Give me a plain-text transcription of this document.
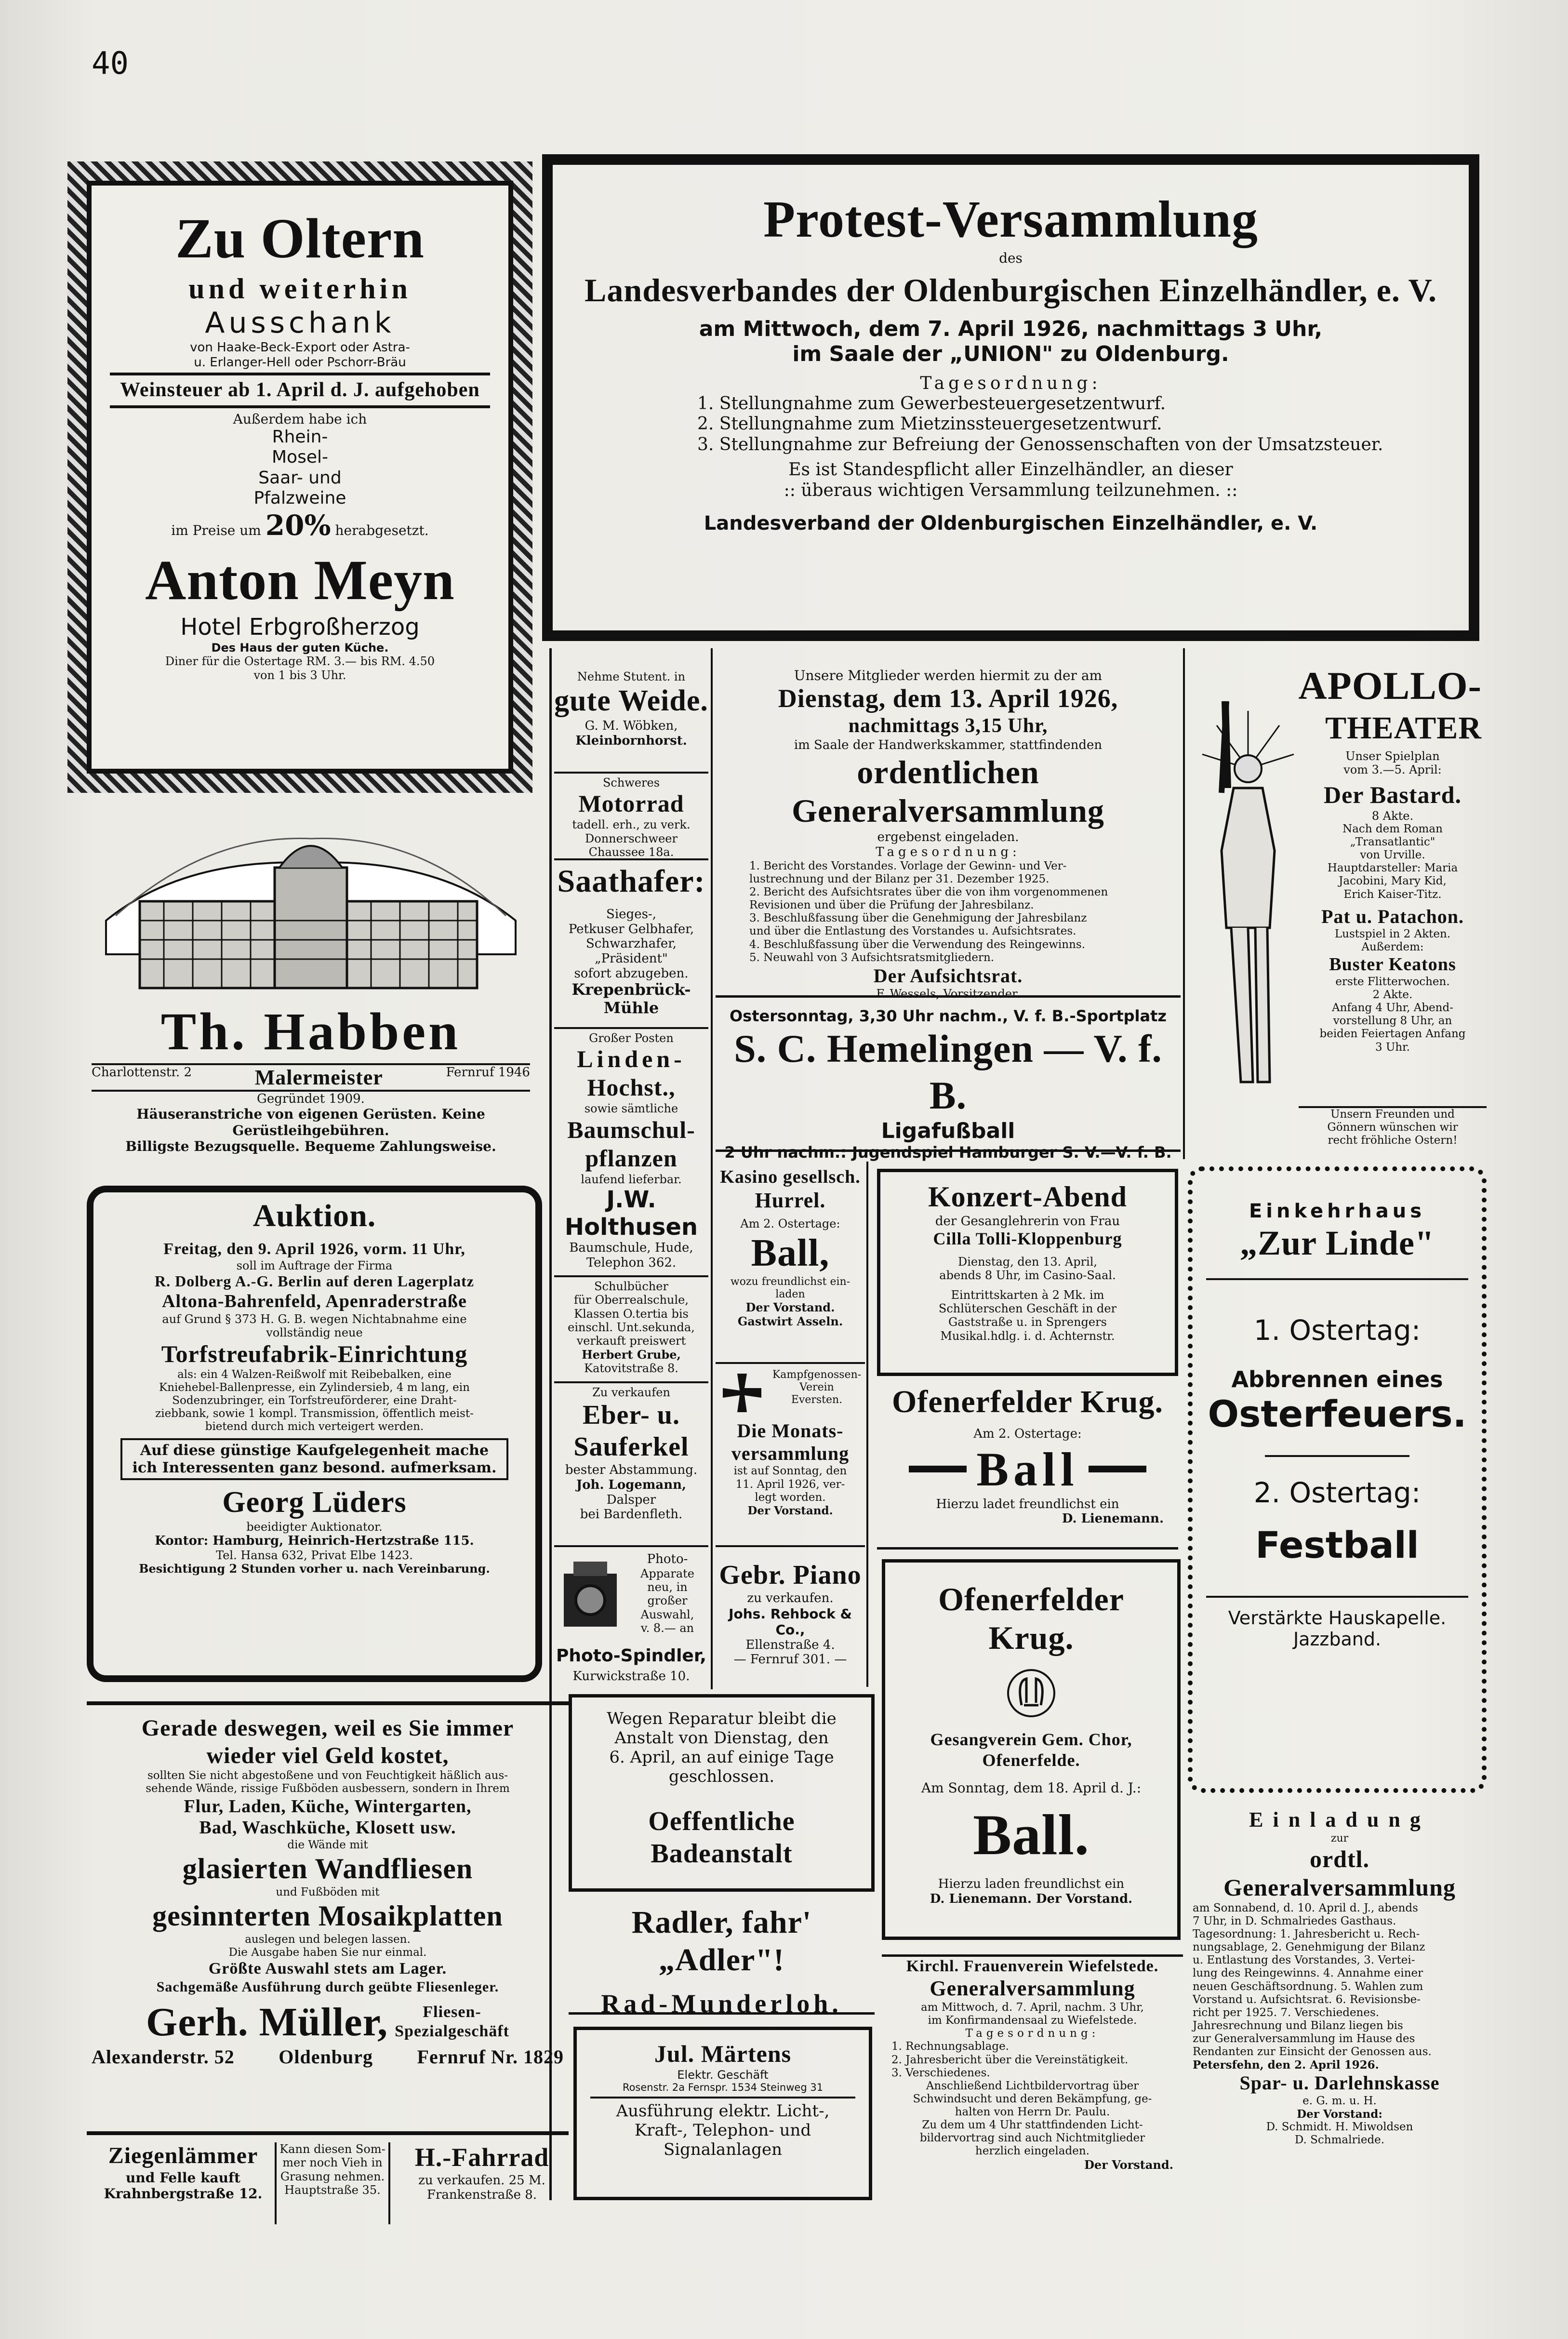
40
Zu Oltern
und weiterhin
Ausschank
von Haake-Beck-Export oder Astra-
u. Erlanger-Hell oder Pschorr-Bräu
Weinsteuer ab 1. April d. J. aufgehoben
Außerdem habe ich
Rhein-
Mosel-
Saar- und
Pfalzweine
im Preise um 20% herabgesetzt.
Anton Meyn
Hotel Erbgroßherzog
Des Haus der guten Küche.
Diner für die Ostertage RM. 3.— bis RM. 4.50
von 1 bis 3 Uhr.
Protest-Versammlung
des
Landesverbandes der Oldenburgischen Einzelhändler, e. V.
am Mittwoch, dem 7. April 1926, nachmittags 3 Uhr,
im Saale der „UNION" zu Oldenburg.
Tagesordnung:
1. Stellungnahme zum Gewerbesteuergesetzentwurf.
2. Stellungnahme zum Mietzinssteuergesetzentwurf.
3. Stellungnahme zur Befreiung der Genossenschaften von der Umsatzsteuer.
Es ist Standespflicht aller Einzelhändler, an dieser
:: überaus wichtigen Versammlung teilzunehmen. ::
Landesverband der Oldenburgischen Einzelhändler, e. V.
Th. Habben
Charlottenstr. 2	Malermeister	Fernruf 1946
Gegründet 1909.
Häuseranstriche von eigenen Gerüsten. Keine Gerüstleihgebühren.
Billigste Bezugsquelle. Bequeme Zahlungsweise.
Nehme Stutent. in
gute Weide.
G. M. Wöbken,
Kleinbornhorst.
Schweres
Motorrad
tadell. erh., zu verk.
Donnerschweer
Chaussee 18a.
Saathafer:
Sieges-,
Petkuser Gelbhafer,
Schwarzhafer,
„Präsident"
sofort abzugeben.
Krepenbrück-Mühle
Großer Posten
Linden-
Hochst.,
sowie sämtliche
Baumschul-
pflanzen
laufend lieferbar.
J.W. Holthusen
Baumschule, Hude,
Telephon 362.
Schulbücher
für Oberrealschule,
Klassen O.tertia bis
einschl. Unt.sekunda,
verkauft preiswert
Herbert Grube,
Katovitstraße 8.
Zu verkaufen
Eber- u. Sauferkel
bester Abstammung.
Joh. Logemann,
Dalsper
bei Bardenfleth.
Photo-
Apparate
neu, in
großer
Auswahl,
v. 8.— an
Photo-Spindler,
Kurwickstraße 10.
Unsere Mitglieder werden hiermit zu der am
Dienstag, dem 13. April 1926,
nachmittags 3,15 Uhr,
im Saale der Handwerkskammer, stattfindenden
ordentlichen Generalversammlung
ergebenst eingeladen.
Tagesordnung:
1. Bericht des Vorstandes. Vorlage der Gewinn- und Ver-
lustrechnung und der Bilanz per 31. Dezember 1925.
2. Bericht des Aufsichtsrates über die von ihm vorgenommenen
Revisionen und über die Prüfung der Jahresbilanz.
3. Beschlußfassung über die Genehmigung der Jahresbilanz
und über die Entlastung des Vorstandes u. Aufsichtsrates.
4. Beschlußfassung über die Verwendung des Reingewinns.
5. Neuwahl von 3 Aufsichtsratsmitgliedern.
Der Aufsichtsrat.
F. Wessels, Vorsitzender.
Ostersonntag, 3,30 Uhr nachm., V. f. B.-Sportplatz
S. C. Hemelingen — V. f. B.
Ligafußball
2 Uhr nachm.: Jugendspiel Hamburger S. V.—V. f. B.
APOLLO-
THEATER
Unser Spielplan
vom 3.—5. April:
Der Bastard.
8 Akte.
Nach dem Roman
„Transatlantic"
von Urville.
Hauptdarsteller: Maria
Jacobini, Mary Kid,
Erich Kaiser-Titz.
Pat u. Patachon.
Lustspiel in 2 Akten.
Außerdem:
Buster Keatons
erste Flitterwochen.
2 Akte.
Anfang 4 Uhr, Abend-
vorstellung 8 Uhr, an
beiden Feiertagen Anfang
3 Uhr.
Unsern Freunden und
Gönnern wünschen wir
recht fröhliche Ostern!
Auktion.
Freitag, den 9. April 1926, vorm. 11 Uhr,
soll im Auftrage der Firma
R. Dolberg A.-G. Berlin auf deren Lagerplatz
Altona-Bahrenfeld, Apenraderstraße
auf Grund § 373 H. G. B. wegen Nichtabnahme eine
vollständig neue
Torfstreufabrik-Einrichtung
als: ein 4 Walzen-Reißwolf mit Reibebalken, eine
Kniehebel-Ballenpresse, ein Zylindersieb, 4 m lang, ein
Sodenzubringer, ein Torfstreuförderer, eine Draht-
ziebbank, sowie 1 kompl. Transmission, öffentlich meist-
bietend durch mich verteigert werden.
Auf diese günstige Kaufgelegenheit mache
ich Interessenten ganz besond. aufmerksam.
Georg Lüders
beeidigter Auktionator.
Kontor: Hamburg, Heinrich-Hertzstraße 115.
Tel. Hansa 632, Privat Elbe 1423.
Besichtigung 2 Stunden vorher u. nach Vereinbarung.
Kasino gesellsch.
Hurrel.
Am 2. Ostertage:
Ball,
wozu freundlichst ein-
laden
Der Vorstand.
Gastwirt Asseln.
Kampfgenossen-
Verein
Eversten.
Die Monats-
versammlung
ist auf Sonntag, den
11. April 1926, ver-
legt worden.
Der Vorstand.
Gebr. Piano
zu verkaufen.
Johs. Rehbock & Co.,
Ellenstraße 4.
— Fernruf 301. —
Konzert-Abend
der Gesanglehrerin von Frau
Cilla Tolli-Kloppenburg
Dienstag, den 13. April,
abends 8 Uhr, im Casino-Saal.
Eintrittskarten à 2 Mk. im
Schlüterschen Geschäft in der
Gaststraße u. in Sprengers
Musikal.hdlg. i. d. Achternstr.
Ofenerfelder Krug.
Am 2. Ostertage:
Ball
Hierzu ladet freundlichst ein
D. Lienemann.
Ofenerfelder Krug.
Gesangverein Gem. Chor,
Ofenerfelde.
Am Sonntag, dem 18. April d. J.:
Ball.
Hierzu laden freundlichst ein
D. Lienemann. Der Vorstand.
Einkehrhaus
„Zur Linde"
1. Ostertag:
Abbrennen eines
Osterfeuers.
2. Ostertag:
Festball
Verstärkte Hauskapelle.
Jazzband.
Gerade deswegen, weil es Sie immer
wieder viel Geld kostet,
sollten Sie nicht abgestoßene und von Feuchtigkeit häßlich aus-
sehende Wände, rissige Fußböden ausbessern, sondern in Ihrem
Flur, Laden, Küche, Wintergarten,
Bad, Waschküche, Klosett usw.
die Wände mit
glasierten Wandfliesen
und Fußböden mit
gesinnterten Mosaikplatten
auslegen und belegen lassen.
Die Ausgabe haben Sie nur einmal.
Größte Auswahl stets am Lager.
Sachgemäße Ausführung durch geübte Fliesenleger.
Gerh. Müller,	Fliesen-
Spezialgeschäft
Alexanderstr. 52 Oldenburg Fernruf Nr. 1829
Wegen Reparatur bleibt die
Anstalt von Dienstag, den
6. April, an auf einige Tage
geschlossen.
Oeffentliche Badeanstalt
Radler, fahr' „Adler"!
Rad-Munderloh.
Jul. Märtens
Elektr. Geschäft
Rosenstr. 2a Fernspr. 1534 Steinweg 31
Ausführung elektr. Licht-,
Kraft-, Telephon- und
Signalanlagen
Kirchl. Frauenverein Wiefelstede.
Generalversammlung
am Mittwoch, d. 7. April, nachm. 3 Uhr,
im Konfirmandensaal zu Wiefelstede.
Tagesordnung:
1. Rechnungsablage.
2. Jahresbericht über die Vereinstätigkeit.
3. Verschiedenes.
Anschließend Lichtbildervortrag über
Schwindsucht und deren Bekämpfung, ge-
halten von Herrn Dr. Paulu.
Zu dem um 4 Uhr stattfindenden Licht-
bildervortrag sind auch Nichtmitglieder
herzlich eingeladen.
Der Vorstand.
Einladung
zur
ordtl. Generalversammlung
am Sonnabend, d. 10. April d. J., abends
7 Uhr, in D. Schmalriedes Gasthaus.
Tagesordnung: 1. Jahresbericht u. Rech-
nungsablage, 2. Genehmigung der Bilanz
u. Entlastung des Vorstandes, 3. Vertei-
lung des Reingewinns. 4. Annahme einer
neuen Geschäftsordnung. 5. Wahlen zum
Vorstand u. Aufsichtsrat. 6. Revisionsbe-
richt per 1925. 7. Verschiedenes.
Jahresrechnung und Bilanz liegen bis
zur Generalversammlung im Hause des
Rendanten zur Einsicht der Genossen aus.
Petersfehn, den 2. April 1926.
Spar- u. Darlehnskasse
e. G. m. u. H.
Der Vorstand:
D. Schmidt. H. Miwoldsen
D. Schmalriede.
Ziegenlämmer
und Felle kauft
Krahnbergstraße 12.
Kann diesen Som-
mer noch Vieh in
Grasung nehmen.
Hauptstraße 35.
H.-Fahrrad
zu verkaufen. 25 M.
Frankenstraße 8.
